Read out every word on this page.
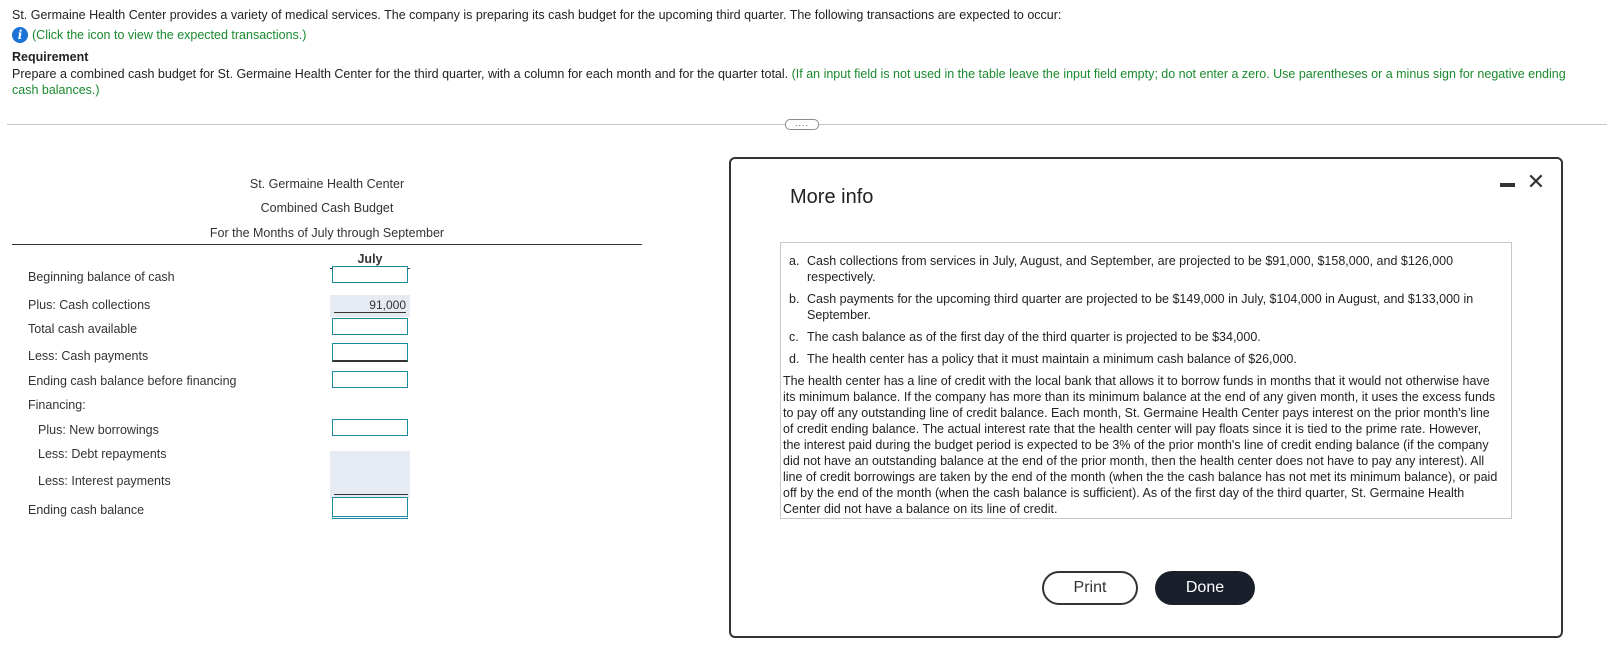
St. Germaine Health Center provides a variety of medical services. The company is preparing its cash budget for the upcoming third quarter. The following transactions are expected to occur:

i (Click the icon to view the expected transactions.)
Requirement
Prepare a combined cash budget for St. Germaine Health Center for the third quarter, with a column for each month and for the quarter total. (If an input field is not used in the table leave the input field empty; do not enter a zero. Use parentheses or a minus sign for negative ending cash balances.)
....
St. Germaine Health Center
Combined Cash Budget
For the Months of July through September
July
Beginning balance of cash
Plus: Cash collections	91,000
Total cash available
Less: Cash payments
Ending cash balance before financing
Financing:
Plus: New borrowings
Less: Debt repayments
Less: Interest payments
Ending cash balance
More info
✕
a. Cash collections from services in July, August, and September, are projected to be $91,000, $158,000, and $126,000 respectively.
b. Cash payments for the upcoming third quarter are projected to be $149,000 in July, $104,000 in August, and $133,000 in September.
c. The cash balance as of the first day of the third quarter is projected to be $34,000.
d. The health center has a policy that it must maintain a minimum cash balance of $26,000.
The health center has a line of credit with the local bank that allows it to borrow funds in months that it would not otherwise have its minimum balance. If the company has more than its minimum balance at the end of any given month, it uses the excess funds to pay off any outstanding line of credit balance. Each month, St. Germaine Health Center pays interest on the prior month's line of credit ending balance. The actual interest rate that the health center will pay floats since it is tied to the prime rate. However, the interest paid during the budget period is expected to be 3% of the prior month's line of credit ending balance (if the company did not have an outstanding balance at the end of the prior month, then the health center does not have to pay any interest). All line of credit borrowings are taken by the end of the month (when the the cash balance has not met its minimum balance), or paid off by the end of the month (when the cash balance is sufficient). As of the first day of the third quarter, St. Germaine Health Center did not have a balance on its line of credit.
Print	Done
